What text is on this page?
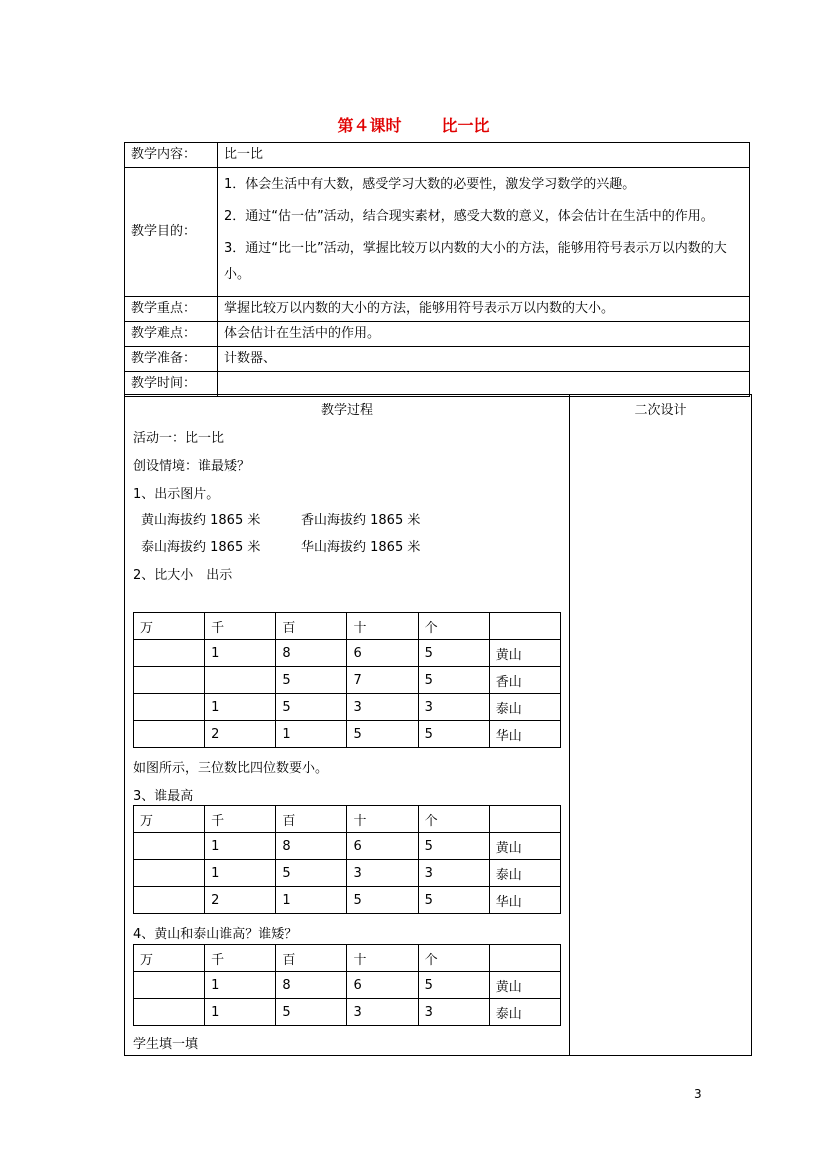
第４课时	比一比
教学内容：	比一比
教学目的：	1．体会生活中有大数，感受学习大数的必要性，激发学习数学的兴趣。

2．通过“估一估”活动，结合现实素材，感受大数的意义，体会估计在生活中的作用。

3．通过“比一比”活动，掌握比较万以内数的大小的方法，能够用符号表示万以内数的大小。

教学重点：	掌握比较万以内数的大小的方法，能够用符号表示万以内数的大小。
教学难点：	体会估计在生活中的作用。
教学准备：	计数器、
教学时间：	
教学过程
活动一：比一比
创设情境：谁最矮？
1、出示图片。
黄山海拔约 1865 米	香山海拔约 1865 米
泰山海拔约 1865 米	华山海拔约 1865 米
2、比大小　出示
万	千	百	十	个	
	1	8	6	5	黄山
		5	7	5	香山
	1	5	3	3	泰山
	2	1	5	5	华山
如图所示，三位数比四位数要小。
3、谁最高
万	千	百	十	个	
	1	8	6	5	黄山
	1	5	3	3	泰山
	2	1	5	5	华山
4、黄山和泰山谁高？谁矮？
万	千	百	十	个	
	1	8	6	5	黄山
	1	5	3	3	泰山
学生填一填
二次设计
3
